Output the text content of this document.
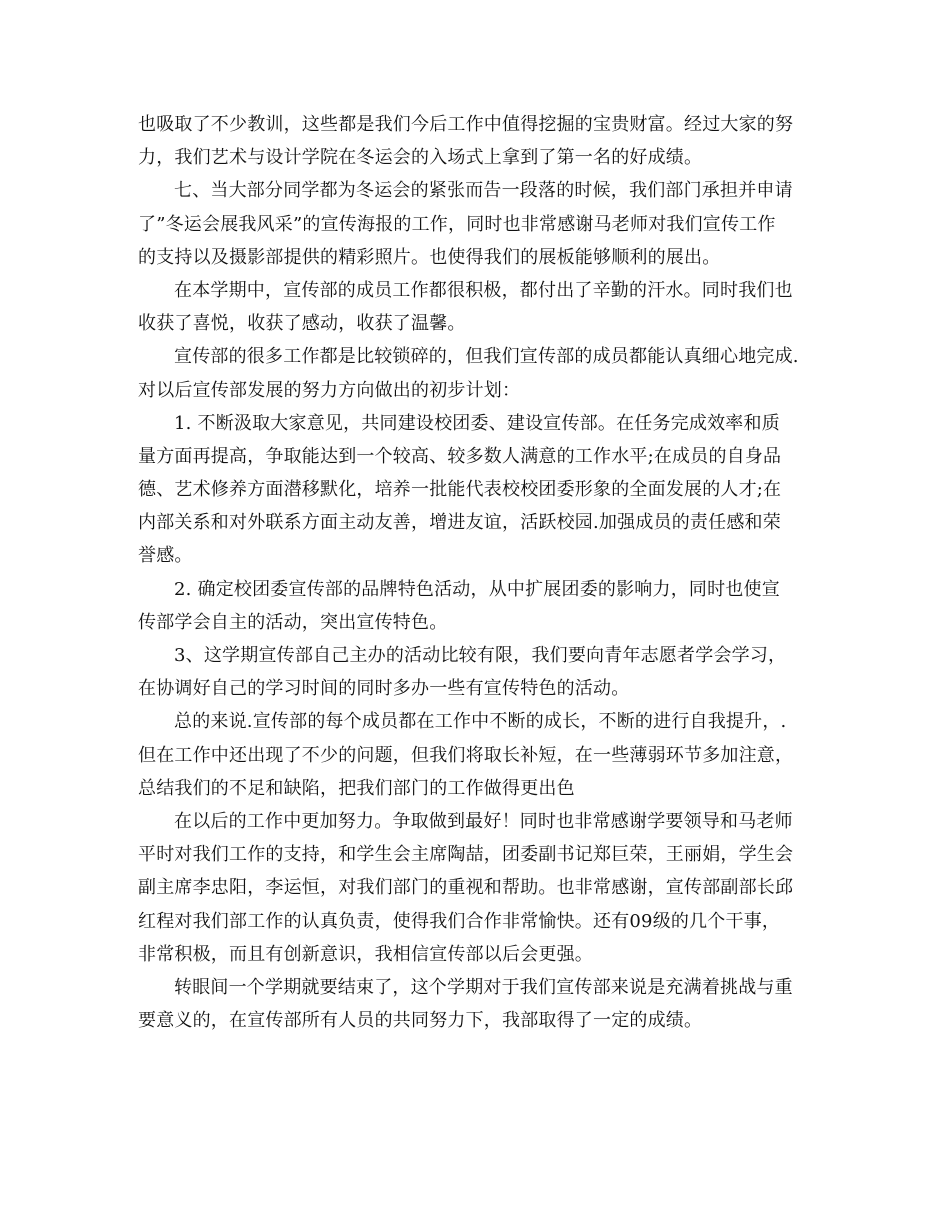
也吸取了不少教训，这些都是我们今后工作中值得挖掘的宝贵财富。经过大家的努
力，我们艺术与设计学院在冬运会的入场式上拿到了第一名的好成绩。
七、当大部分同学都为冬运会的紧张而告一段落的时候，我们部门承担并申请
了”冬运会展我风采”的宣传海报的工作，同时也非常感谢马老师对我们宣传工作
的支持以及摄影部提供的精彩照片。也使得我们的展板能够顺利的展出。
在本学期中，宣传部的成员工作都很积极，都付出了辛勤的汗水。同时我们也
收获了喜悦，收获了感动，收获了温馨。
宣传部的很多工作都是比较锁碎的，但我们宣传部的成员都能认真细心地完成.
对以后宣传部发展的努力方向做出的初步计划：
1. 不断汲取大家意见，共同建设校团委、建设宣传部。在任务完成效率和质
量方面再提高，争取能达到一个较高、较多数人满意的工作水平;在成员的自身品
德、艺术修养方面潜移默化，培养一批能代表校校团委形象的全面发展的人才;在
内部关系和对外联系方面主动友善，增进友谊，活跃校园.加强成员的责任感和荣
誉感。
2. 确定校团委宣传部的品牌特色活动，从中扩展团委的影响力，同时也使宣
传部学会自主的活动，突出宣传特色。
3、这学期宣传部自己主办的活动比较有限，我们要向青年志愿者学会学习，
在协调好自己的学习时间的同时多办一些有宣传特色的活动。
总的来说.宣传部的每个成员都在工作中不断的成长，不断的进行自我提升，.
但在工作中还出现了不少的问题，但我们将取长补短，在一些薄弱环节多加注意，
总结我们的不足和缺陷，把我们部门的工作做得更出色
在以后的工作中更加努力。争取做到最好！同时也非常感谢学要领导和马老师
平时对我们工作的支持，和学生会主席陶喆，团委副书记郑巨荣，王丽娟，学生会
副主席李忠阳，李运恒，对我们部门的重视和帮助。也非常感谢，宣传部副部长邱
红程对我们部工作的认真负责，使得我们合作非常愉快。还有09级的几个干事，
非常积极，而且有创新意识，我相信宣传部以后会更强。
转眼间一个学期就要结束了，这个学期对于我们宣传部来说是充满着挑战与重
要意义的，在宣传部所有人员的共同努力下，我部取得了一定的成绩。
